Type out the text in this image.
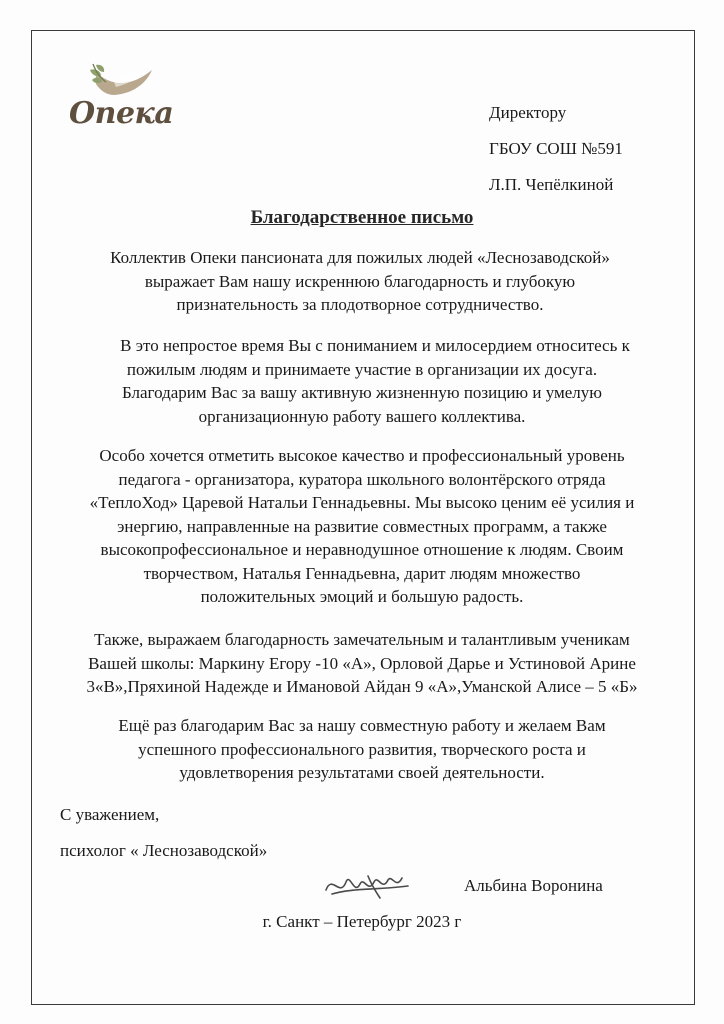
Опека	Директору
ГБОУ СОШ №591
Л.П. Чепёлкиной
Благодарственное письмо
Коллектив Опеки пансионата для пожилых людей «Леснозаводской»
выражает Вам нашу искреннюю благодарность и глубокую
признательность за плодотворное сотрудничество.
В это непростое время Вы с пониманием и милосердием относитесь к
пожилым людям и принимаете участие в организации их досуга.
Благодарим Вас за вашу активную жизненную позицию и умелую
организационную работу вашего коллектива.
Особо хочется отметить высокое качество и профессиональный уровень
педагога - организатора, куратора школьного волонтёрского отряда
«ТеплоХод» Царевой Натальи Геннадьевны. Мы высоко ценим её усилия и
энергию, направленные на развитие совместных программ, а также
высокопрофессиональное и неравнодушное отношение к людям. Своим
творчеством, Наталья Геннадьевна, дарит людям множество
положительных эмоций и большую радость.
Также, выражаем благодарность замечательным и талантливым ученикам
Вашей школы: Маркину Егору -10 «А», Орловой Дарье и Устиновой Арине
3«В»,Пряхиной Надежде и Имановой Айдан 9 «А»,Уманской Алисе – 5 «Б»
Ещё раз благодарим Вас за нашу совместную работу и желаем Вам
успешного профессионального развития, творческого роста и
удовлетворения результатами своей деятельности.
С уважением,
психолог « Леснозаводской»
Альбина Воронина
г. Санкт – Петербург 2023 г
